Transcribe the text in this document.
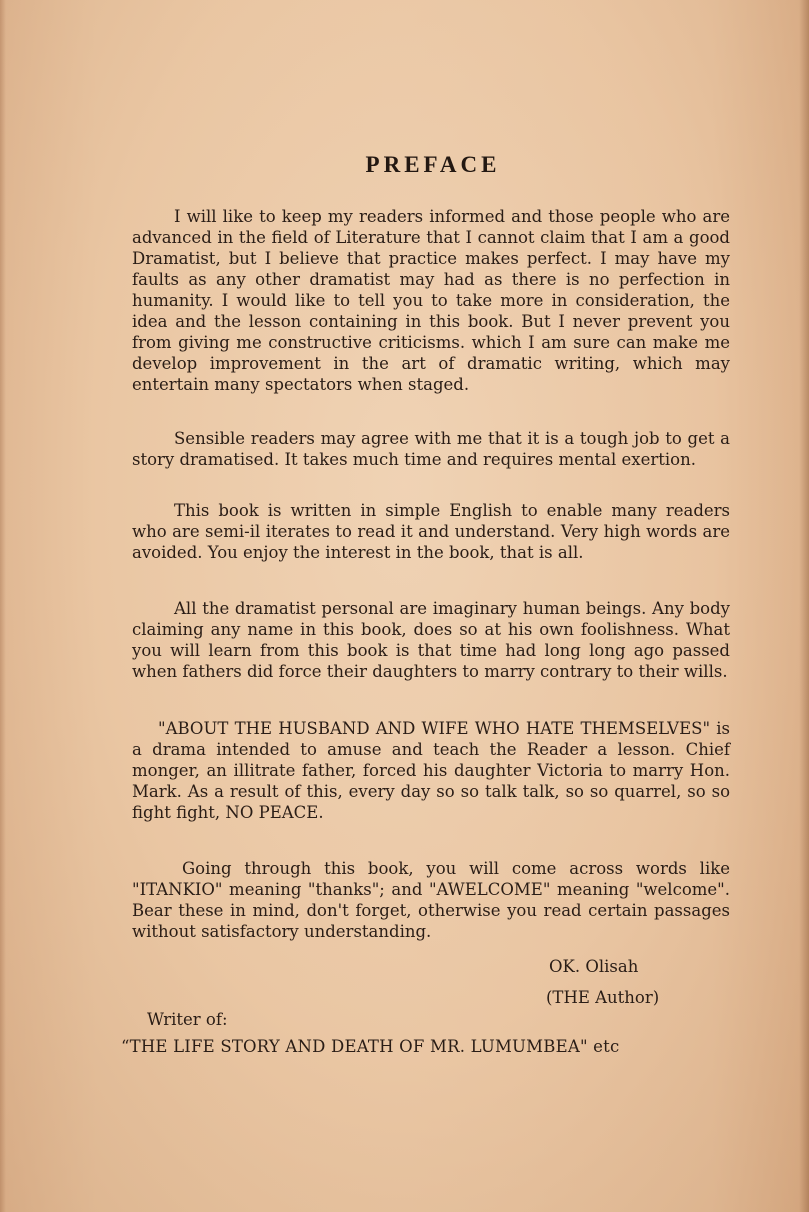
PREFACE

I will like to keep my readers informed and those people who are advanced in the field of Literature that I cannot claim that I am a good Dramatist, but I believe that practice makes perfect. I may have my faults as any other dramatist may had as there is no perfection in humanity. I would like to tell you to take more in consideration, the idea and the lesson containing in this book. But I never prevent you from giving me constructive criticisms. which I am sure can make me develop improvement in the art of dramatic writing, which may entertain many spectators when staged.

Sensible readers may agree with me that it is a tough job to get a story dramatised. It takes much time and requires mental exertion.

This book is written in simple English to enable many readers who are semi-il iterates to read it and understand. Very high words are avoided. You enjoy the interest in the book, that is all.

All the dramatist personal are imaginary human beings. Any body claiming any name in this book, does so at his own foolishness. What you will learn from this book is that time had long long ago passed when fathers did force their daughters to marry contrary to their wills.

"ABOUT THE HUSBAND AND WIFE WHO HATE THEMSELVES" is a drama intended to amuse and teach the Reader a lesson. Chief monger, an illitrate father, forced his daughter Victoria to marry Hon. Mark. As a result of this, every day so so talk talk, so so quarrel, so so fight fight, NO PEACE.

Going through this book, you will come across words like "ITANKIO" meaning "thanks"; and "AWELCOME" meaning "welcome". Bear these in mind, don't forget, otherwise you read certain passages without satisfactory understanding.

OK. Olisah
(THE Author)
Writer of:
“THE LIFE STORY AND DEATH OF MR. LUMUMBEA" etc
